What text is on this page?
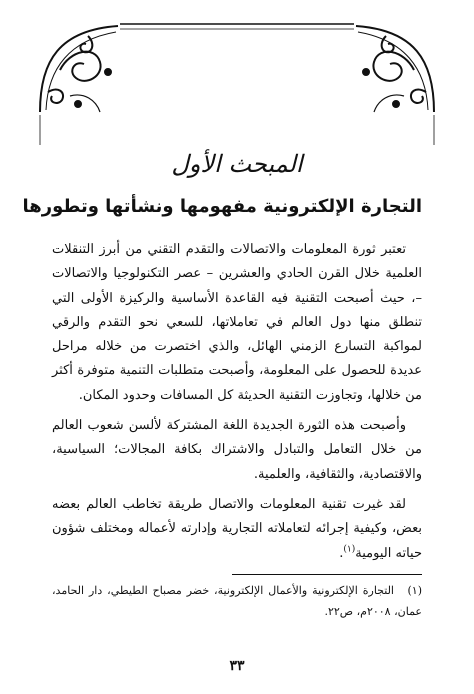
المبحث الأول
التجارة الإلكترونية مفهومها ونشأتها وتطورها

تعتبر ثورة المعلومات والاتصالات والتقدم التقني من أبرز التنقلات العلمية خلال القرن الحادي والعشرين – عصر التكنولوجيا والاتصالات –، حيث أصبحت التقنية فيه القاعدة الأساسية والركيزة الأولى التي تنطلق منها دول العالم في تعاملاتها، للسعي نحو التقدم والرقي لمواكبة التسارع الزمني الهائل، والذي اختصرت من خلاله مراحل عديدة للحصول على المعلومة، وأصبحت متطلبات التنمية متوفرة أكثر من خلالها، وتجاوزت التقنية الحديثة كل المسافات وحدود المكان.

وأصبحت هذه الثورة الجديدة اللغة المشتركة لألسن شعوب العالم من خلال التعامل والتبادل والاشتراك بكافة المجالات؛ السياسية، والاقتصادية، والثقافية، والعلمية.

لقد غيرت تقنية المعلومات والاتصال طريقة تخاطب العالم بعضه بعض، وكيفية إجرائه لتعاملاته التجارية وإدارته لأعماله ومختلف شؤون حياته اليومية$^{(١)}$.

(١)التجارة الإلكترونية والأعمال الإلكترونية، خضر مصباح الطيطي، دار الحامد، عمان، ٢٠٠٨م، ص٢٢.

٣٣
